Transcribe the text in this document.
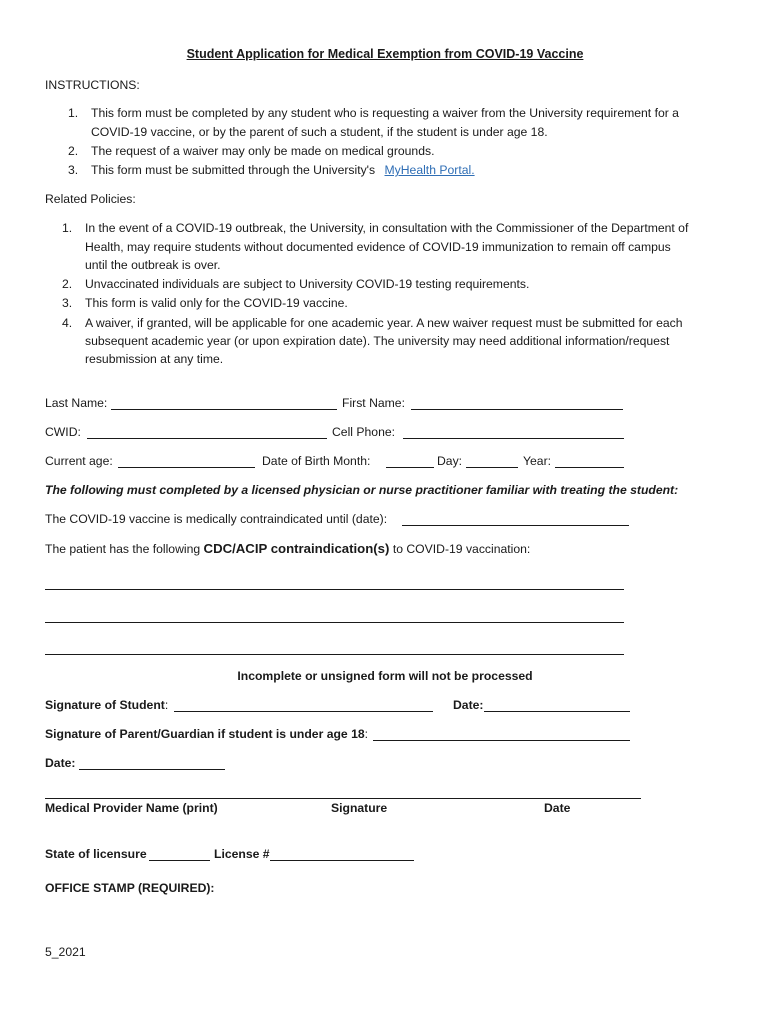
Student Application for Medical Exemption from COVID-19 Vaccine
INSTRUCTIONS:
1. This form must be completed by any student who is requesting a waiver from the University requirement for a
COVID-19 vaccine, or by the parent of such a student, if the student is under age 18.
2. The request of a waiver may only be made on medical grounds.
3. This form must be submitted through the University's MyHealth Portal.
Related Policies:
1. In the event of a COVID-19 outbreak, the University, in consultation with the Commissioner of the Department of
Health, may require students without documented evidence of COVID-19 immunization to remain off campus
until the outbreak is over.
2. Unvaccinated individuals are subject to University COVID-19 testing requirements.
3. This form is valid only for the COVID-19 vaccine.
4. A waiver, if granted, will be applicable for one academic year. A new waiver request must be submitted for each
subsequent academic year (or upon expiration date). The university may need additional information/request
resubmission at any time.
Last Name:	First Name:
CWID:	Cell Phone:
Current age:	Date of Birth Month:	Day:	Year:
The following must completed by a licensed physician or nurse practitioner familiar with treating the student:
The COVID-19 vaccine is medically contraindicated until (date):
The patient has the following CDC/ACIP contraindication(s) to COVID-19 vaccination:
Incomplete or unsigned form will not be processed
Signature of Student:	Date:
Signature of Parent/Guardian if student is under age 18:
Date:
Medical Provider Name (print)	Signature	Date
State of licensure	License #
OFFICE STAMP (REQUIRED):
5_2021
